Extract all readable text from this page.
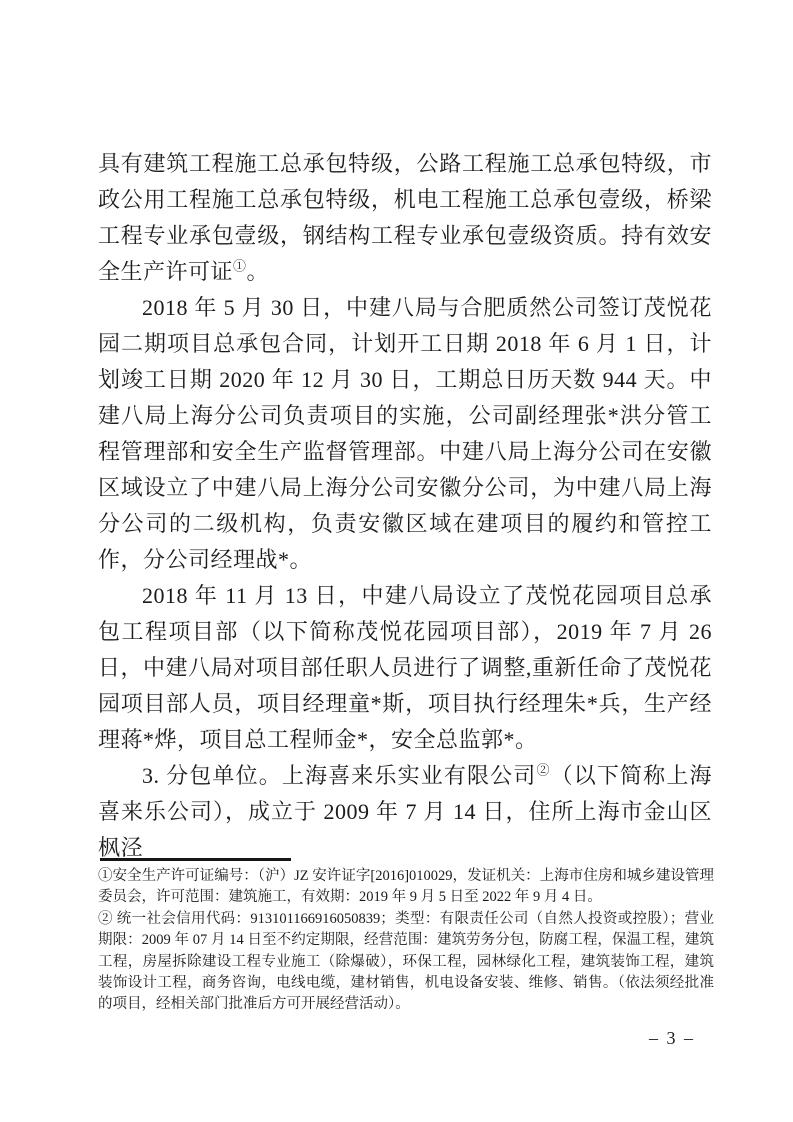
具有建筑工程施工总承包特级，公路工程施工总承包特级，市政公用工程施工总承包特级，机电工程施工总承包壹级，桥梁工程专业承包壹级，钢结构工程专业承包壹级资质。持有效安全生产许可证①。

2018 年 5 月 30 日，中建八局与合肥质然公司签订茂悦花园二期项目总承包合同，计划开工日期 2018 年 6 月 1 日，计划竣工日期 2020 年 12 月 30 日，工期总日历天数 944 天。中建八局上海分公司负责项目的实施，公司副经理张*洪分管工程管理部和安全生产监督管理部。中建八局上海分公司在安徽区域设立了中建八局上海分公司安徽分公司，为中建八局上海分公司的二级机构，负责安徽区域在建项目的履约和管控工作，分公司经理战*。

2018 年 11 月 13 日，中建八局设立了茂悦花园项目总承包工程项目部（以下简称茂悦花园项目部），2019 年 7 月 26 日，中建八局对项目部任职人员进行了调整,重新任命了茂悦花园项目部人员，项目经理童*斯，项目执行经理朱*兵，生产经理蒋*烨，项目总工程师金*，安全总监郭*。

3. 分包单位。上海喜来乐实业有限公司②（以下简称上海喜来乐公司），成立于 2009 年 7 月 14 日，住所上海市金山区枫泾

①安全生产许可证编号：（沪）JZ 安许证字[2016]010029，发证机关：上海市住房和城乡建设管理委员会，许可范围：建筑施工，有效期：2019 年 9 月 5 日至 2022 年 9 月 4 日。

② 统一社会信用代码：913101166916050839；类型：有限责任公司（自然人投资或控股）；营业期限：2009 年 07 月 14 日至不约定期限，经营范围：建筑劳务分包，防腐工程，保温工程，建筑工程，房屋拆除建设工程专业施工（除爆破），环保工程，园林绿化工程，建筑装饰工程，建筑装饰设计工程，商务咨询，电线电缆，建材销售，机电设备安装、维修、销售。（依法须经批准的项目，经相关部门批准后方可开展经营活动）。

– 3 –
